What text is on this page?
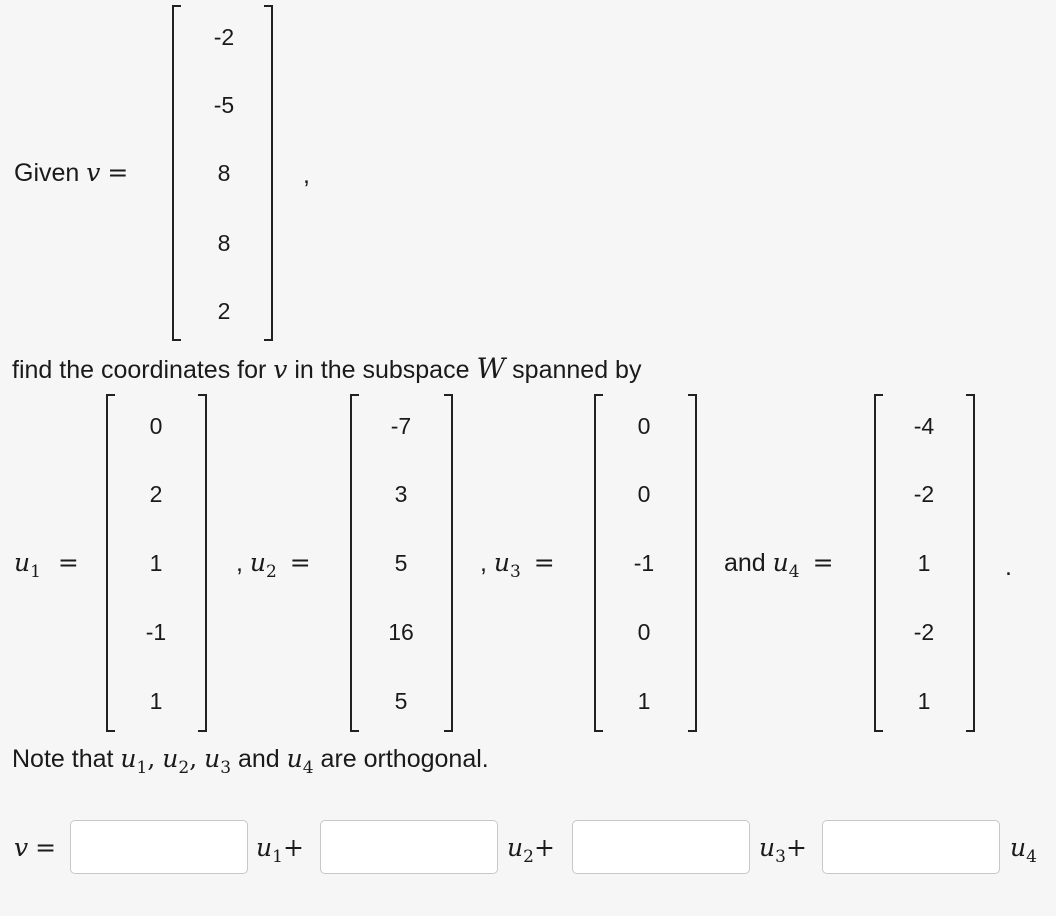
Given v =
-2
-5
8
8
2
,
find the coordinates for v in the subspace W spanned by
$u_1$ =
0
2
1
-1
1
, $u_2$ =
-7
3
5
16
5
, $u_3$ =
0
0
-1
0
1
and $u_4$ =
-4
-2
1
-2
1
.
Note that $u_1$, $u_2$, $u_3$ and $u_4$ are orthogonal.
v =	$u_1+$	$u_2+$	$u_3+$	$u_4$
